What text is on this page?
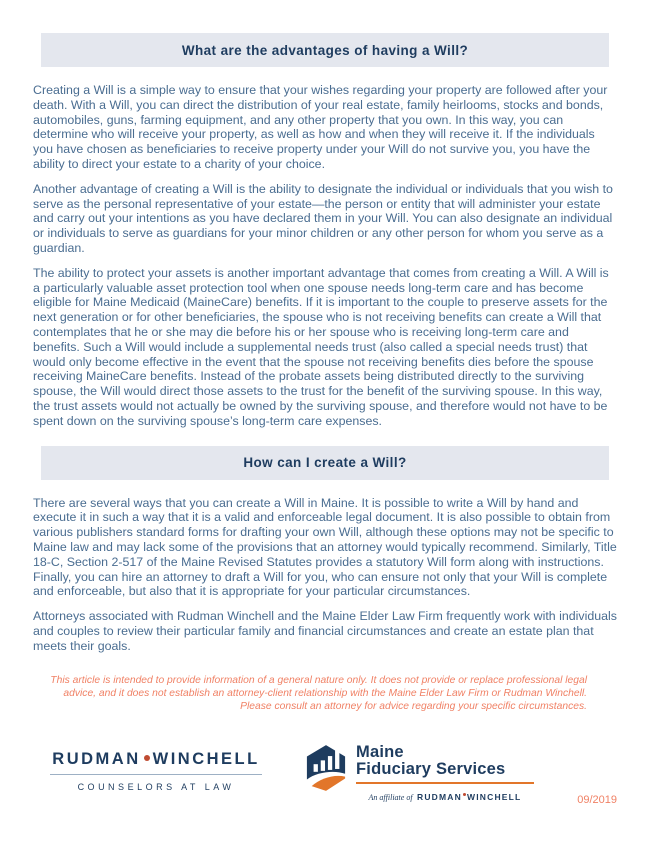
What are the advantages of having a Will?

Creating a Will is a simple way to ensure that your wishes regarding your property are followed after your death. With a Will, you can direct the distribution of your real estate, family heirlooms, stocks and bonds, automobiles, guns, farming equipment, and any other property that you own. In this way, you can determine who will receive your property, as well as how and when they will receive it. If the individuals you have chosen as beneficiaries to receive property under your Will do not survive you, you have the ability to direct your estate to a charity of your choice.

Another advantage of creating a Will is the ability to designate the individual or individuals that you wish to serve as the personal representative of your estate—the person or entity that will administer your estate and carry out your intentions as you have declared them in your Will. You can also designate an individual or individuals to serve as guardians for your minor children or any other person for whom you serve as a guardian.

The ability to protect your assets is another important advantage that comes from creating a Will. A Will is a particularly valuable asset protection tool when one spouse needs long-term care and has become eligible for Maine Medicaid (MaineCare) benefits. If it is important to the couple to preserve assets for the next generation or for other beneficiaries, the spouse who is not receiving benefits can create a Will that contemplates that he or she may die before his or her spouse who is receiving long-term care and benefits. Such a Will would include a supplemental needs trust (also called a special needs trust) that would only become effective in the event that the spouse not receiving benefits dies before the spouse receiving MaineCare benefits. Instead of the probate assets being distributed directly to the surviving spouse, the Will would direct those assets to the trust for the benefit of the surviving spouse. In this way, the trust assets would not actually be owned by the surviving spouse, and therefore would not have to be spent down on the surviving spouse’s long-term care expenses.

How can I create a Will?

There are several ways that you can create a Will in Maine. It is possible to write a Will by hand and execute it in such a way that it is a valid and enforceable legal document. It is also possible to obtain from various publishers standard forms for drafting your own Will, although these options may not be specific to Maine law and may lack some of the provisions that an attorney would typically recommend. Similarly, Title 18-C, Section 2-517 of the Maine Revised Statutes provides a statutory Will form along with instructions. Finally, you can hire an attorney to draft a Will for you, who can ensure not only that your Will is complete and enforceable, but also that it is appropriate for your particular circumstances.

Attorneys associated with Rudman Winchell and the Maine Elder Law Firm frequently work with individuals and couples to review their particular family and financial circumstances and create an estate plan that meets their goals.

This article is intended to provide information of a general nature only. It does not provide or replace professional legal
advice, and it does not establish an attorney-client relationship with the Maine Elder Law Firm or Rudman Winchell.
Please consult an attorney for advice regarding your specific circumstances.
RUDMAN WINCHELL
COUNSELORS AT LAW
Maine
Fiduciary Services
An affiliate of RUDMAN WINCHELL	09/2019
